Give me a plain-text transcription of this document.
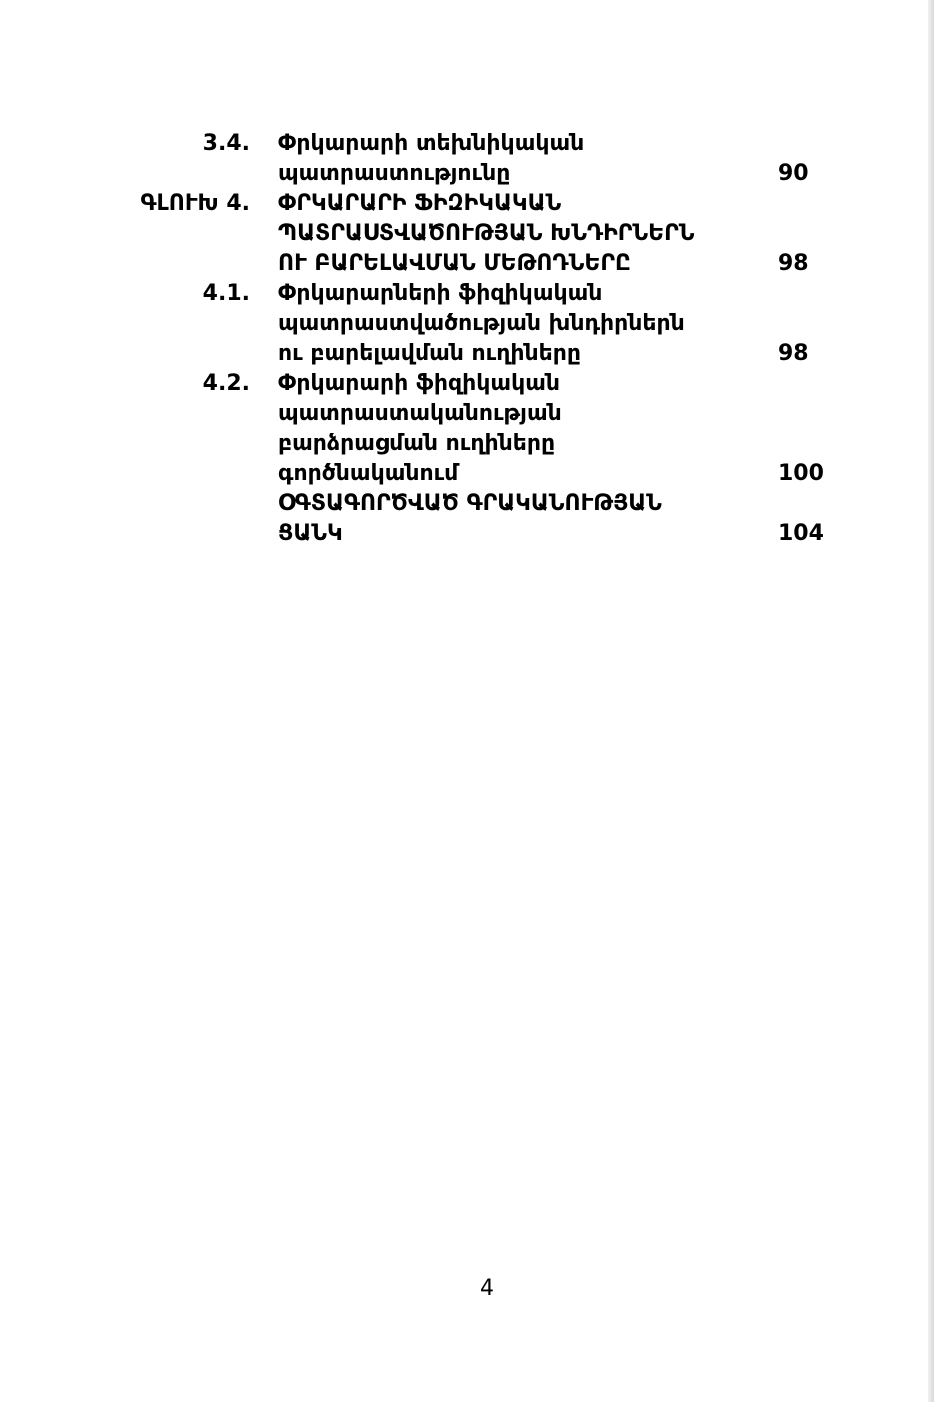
3.4. Փրկարարի տեխնիկական
պատրաստությունը	90
ԳԼՈՒԽ 4. ՓՐԿԱՐԱՐԻ ՖԻԶԻԿԱԿԱՆ
ՊԱՏՐԱՍՏՎԱԾՈՒԹՅԱՆ ԽՆԴԻՐՆԵՐՆ
ՈՒ ԲԱՐԵԼԱՎՄԱՆ ՄԵԹՈԴՆԵՐԸ	98
4.1. Փրկարարների ֆիզիկական
պատրաստվածության խնդիրներն
ու բարելավման ուղիները	98
4.2. Փրկարարի ֆիզիկական
պատրաստականության
բարձրացման ուղիները
գործնականում	100
ՕԳՏԱԳՈՐԾՎԱԾ ԳՐԱԿԱՆՈՒԹՅԱՆ
ՑԱՆԿ	104
4
